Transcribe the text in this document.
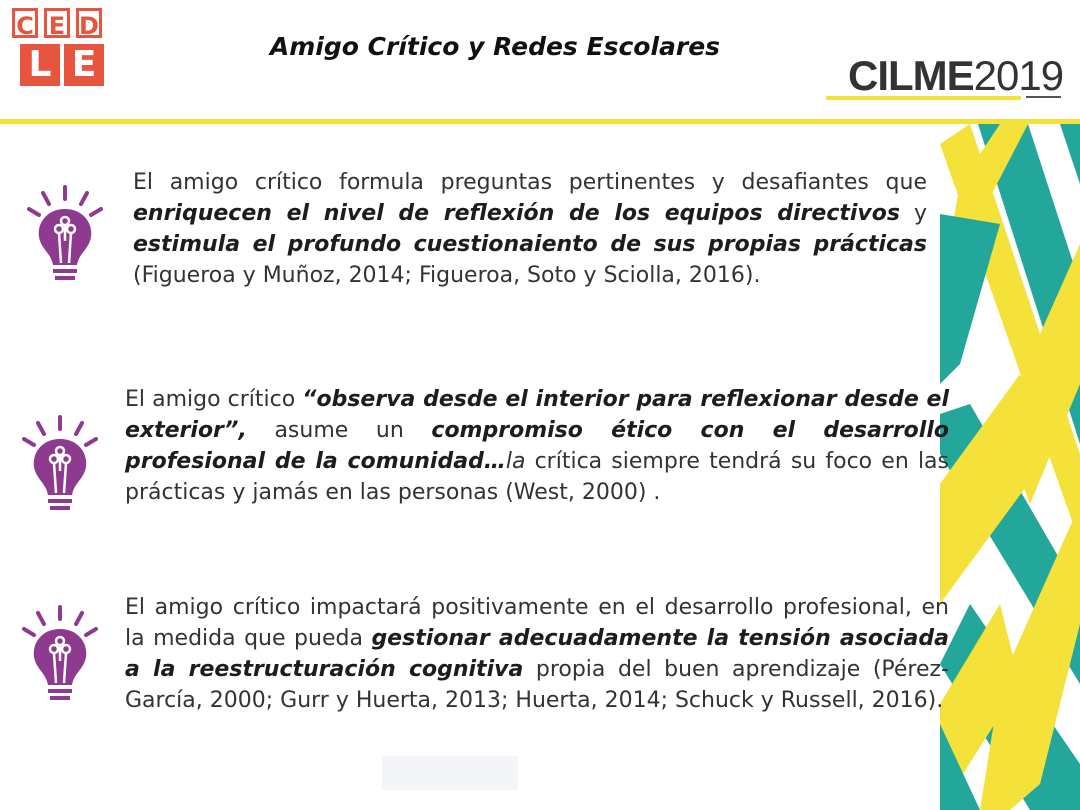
C E D
L E	Amigo Crítico y Redes Escolares
CILME2019
El amigo crítico formula preguntas pertinentes y desafiantes que enriquecen el nivel de reflexión de los equipos directivos y estimula el profundo cuestionaiento de sus propias prácticas (Figueroa y Muñoz, 2014; Figueroa, Soto y Sciolla, 2016).
El amigo crítico “observa desde el interior para reflexionar desde el exterior”, asume un compromiso ético con el desarrollo profesional de la comunidad…la crítica siempre tendrá su foco en las prácticas y jamás en las personas (West, 2000) .
El amigo crítico impactará positivamente en el desarrollo profesional, en la medida que pueda gestionar adecuadamente la tensión asociada a la reestructuración cognitiva propia del buen aprendizaje (Pérez-García, 2000; Gurr y Huerta, 2013; Huerta, 2014; Schuck y Russell, 2016).
